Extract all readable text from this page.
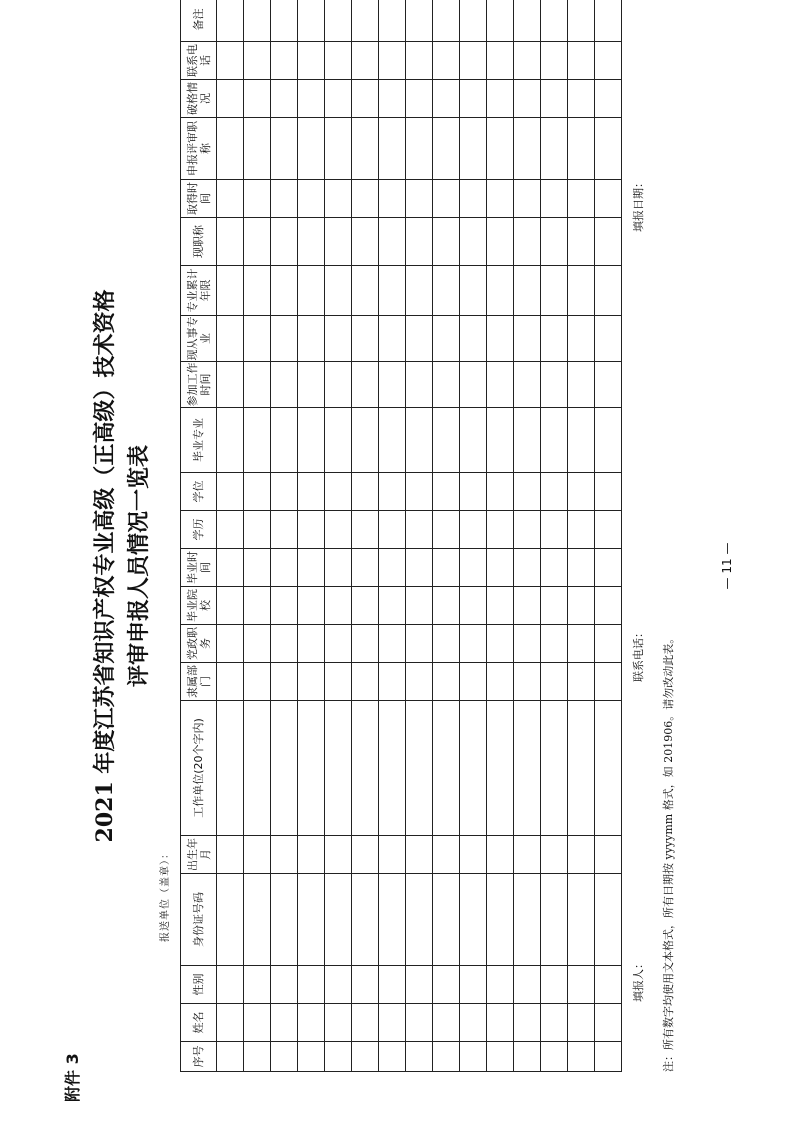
附件 3
2021 年度江苏省知识产权专业高级（正高级）技术资格 评审申报人员情况一览表
报送单位（盖章）：
序号	姓名	性别	身份证号码	出生年月	工作单位(20个字内)	隶属部门	党政职务	毕业院校	毕业时间	学历	学位	毕业专业	参加工作时间	现从事专业	专业累计年限	现职称	取得时间	申报评审职称	破格情况	联系电话	备注

填报人：
联系电话：
填报日期：
注：所有数字均使用文本格式，所有日期按 yyyymm 格式，如 201906。请勿改动此表。
— 11 —
